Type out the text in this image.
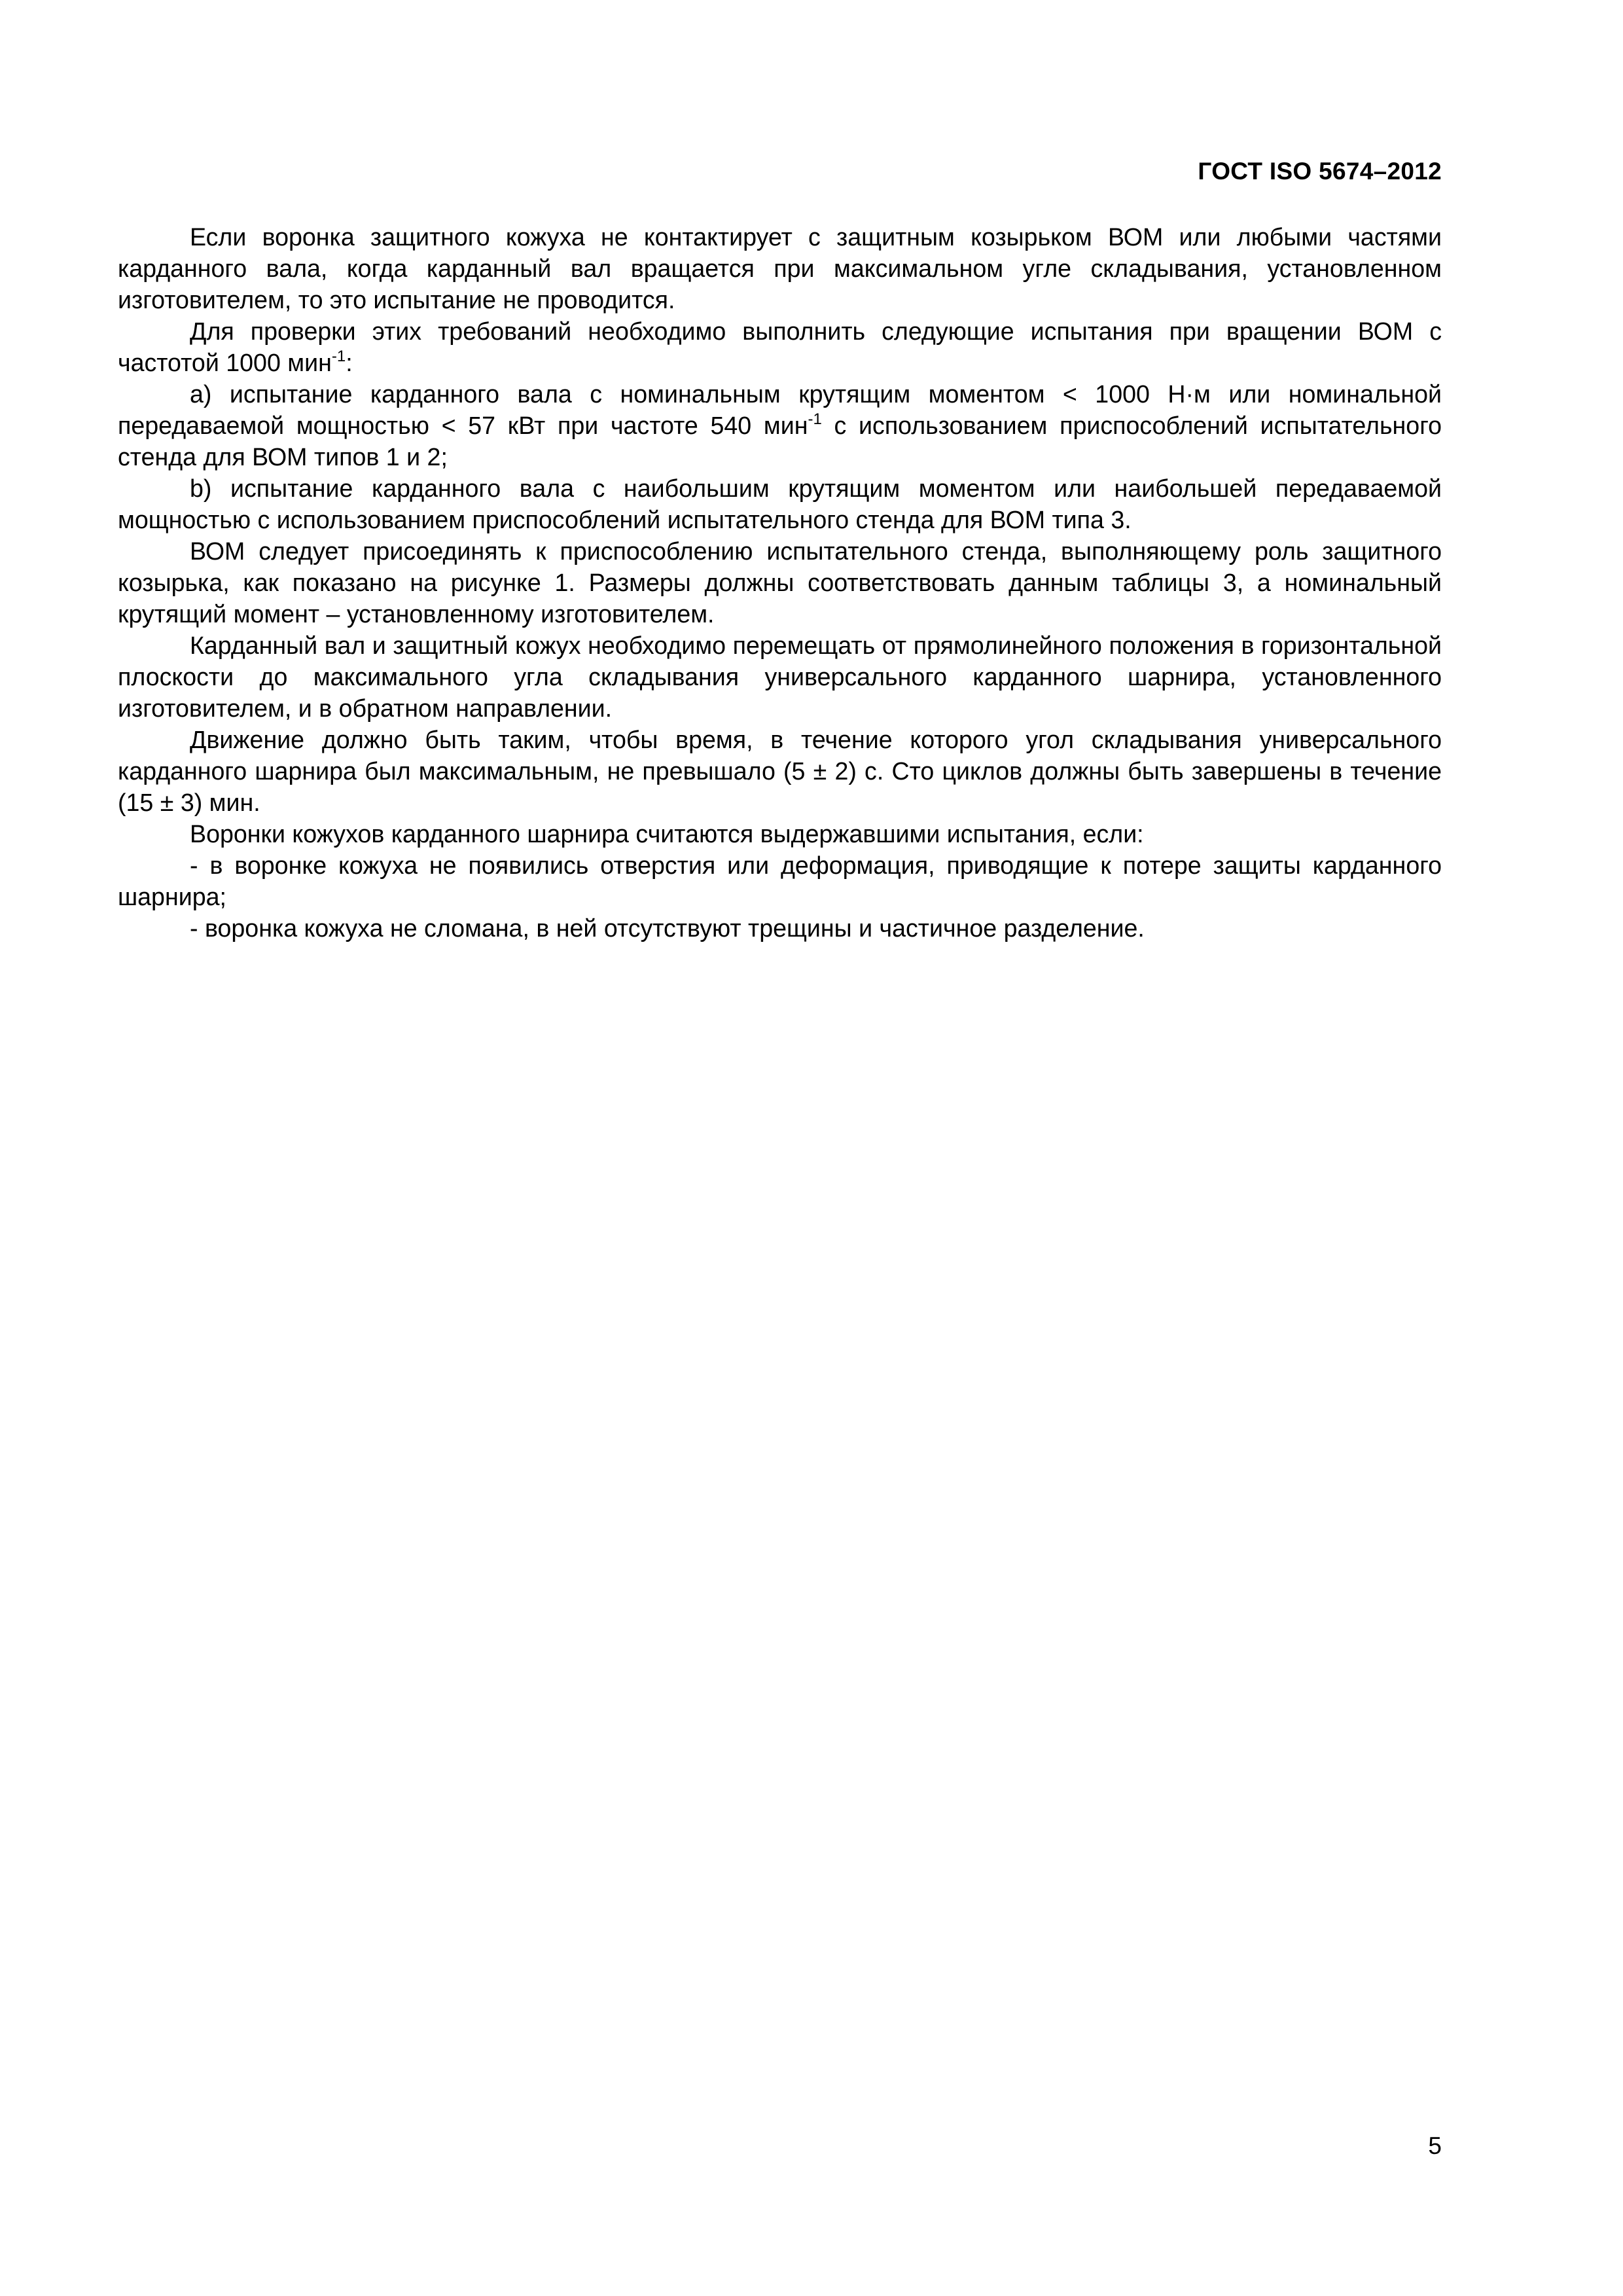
ГОСТ ISO 5674–2012

Если воронка защитного кожуха не контактирует с защитным козырьком ВОМ или любыми частями карданного вала, когда карданный вал вращается при максимальном угле складывания, установленном изготовителем, то это испытание не проводится.

Для проверки этих требований необходимо выполнить следующие испытания при вращении ВОМ с частотой 1000 мин$^{-1}$:

a) испытание карданного вала с номинальным крутящим моментом < 1000 Н·м или номинальной передаваемой мощностью < 57 кВт при частоте 540 мин$^{-1}$ с использованием приспособлений испытательного стенда для ВОМ типов 1 и 2;

b) испытание карданного вала с наибольшим крутящим моментом или наибольшей передаваемой мощностью с использованием приспособлений испытательного стенда для ВОМ типа 3.

ВОМ следует присоединять к приспособлению испытательного стенда, выполняющему роль защитного козырька, как показано на рисунке 1. Размеры должны соответствовать данным таблицы 3, а номинальный крутящий момент – установленному изготовителем.

Карданный вал и защитный кожух необходимо перемещать от прямолинейного положения в горизонтальной плоскости до максимального угла складывания универсального карданного шарнира, установленного изготовителем, и в обратном направлении.

Движение должно быть таким, чтобы время, в течение которого угол складывания универсального карданного шарнира был максимальным, не превышало (5 ± 2) с. Сто циклов должны быть завершены в течение (15 ± 3) мин.

Воронки кожухов карданного шарнира считаются выдержавшими испытания, если:

- в воронке кожуха не появились отверстия или деформация, приводящие к потере защиты карданного шарнира;

- воронка кожуха не сломана, в ней отсутствуют трещины и частичное разделение.

5
